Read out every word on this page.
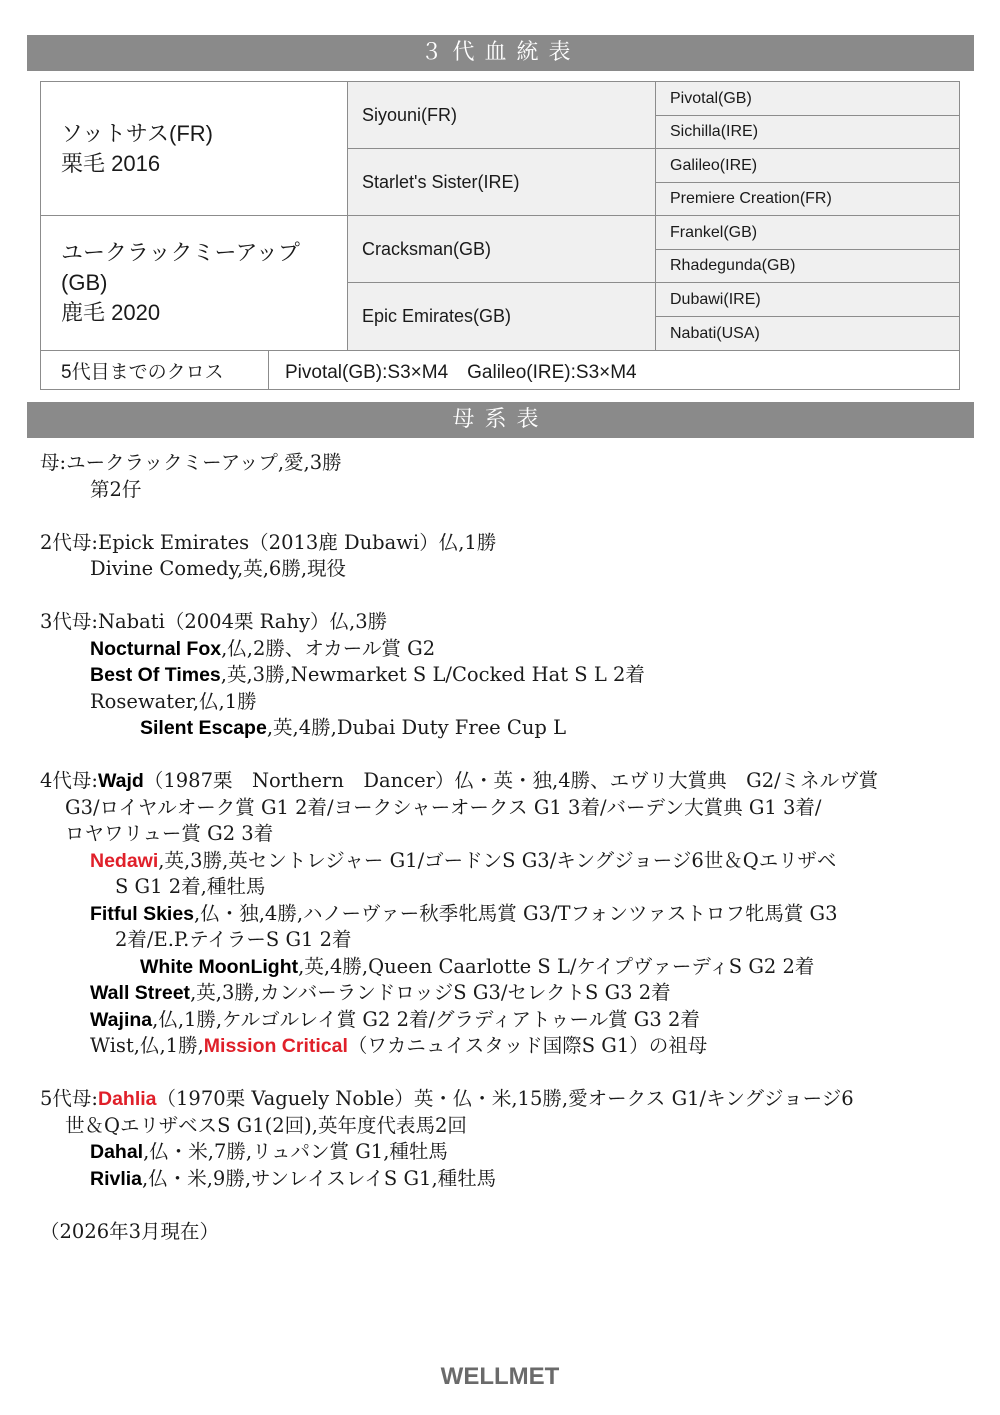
３代血統表
ソットサス(FR)
栗毛 2016
ユークラックミーアップ
(GB)
鹿毛 2020
Siyouni(FR)
Starlet's Sister(IRE)
Cracksman(GB)
Epic Emirates(GB)
Pivotal(GB)
Sichilla(IRE)
Galileo(IRE)
Premiere Creation(FR)
Frankel(GB)
Rhadegunda(GB)
Dubawi(IRE)
Nabati(USA)
5代目までのクロス	Pivotal(GB):S3×M4　Galileo(IRE):S3×M4
母系表
母:ユークラックミーアップ,愛,3勝
第2仔
2代母:Epick Emirates（2013鹿 Dubawi）仏,1勝
Divine Comedy,英,6勝,現役
3代母:Nabati（2004栗 Rahy）仏,3勝
Nocturnal Fox,仏,2勝、オカール賞 G2
Best Of Times,英,3勝,Newmarket S L/Cocked Hat S L 2着
Rosewater,仏,1勝
Silent Escape,英,4勝,Dubai Duty Free Cup L
4代母:Wajd（1987栗　Northern　Dancer）仏・英・独,4勝、エヴリ大賞典　G2/ミネルヴ賞
G3/ロイヤルオーク賞 G1 2着/ヨークシャーオークス G1 3着/バーデン大賞典 G1 3着/
ロヤワリュー賞 G2 3着
Nedawi,英,3勝,英セントレジャー G1/ゴードンS G3/キングジョージ6世＆Qエリザベ
S G1 2着,種牡馬
Fitful Skies,仏・独,4勝,ハノーヴァー秋季牝馬賞 G3/Tフォンツァストロフ牝馬賞 G3
2着/E.P.テイラーS G1 2着
White MoonLight,英,4勝,Queen Caarlotte S L/ケイプヴァーディS G2 2着
Wall Street,英,3勝,カンバーランドロッジS G3/セレクトS G3 2着
Wajina,仏,1勝,ケルゴルレイ賞 G2 2着/グラディアトゥール賞 G3 2着
Wist,仏,1勝,Mission Critical（ワカニュイスタッド国際S G1）の祖母
5代母:Dahlia（1970栗 Vaguely Noble）英・仏・米,15勝,愛オークス G1/キングジョージ6
世＆QエリザベスS G1(2回),英年度代表馬2回
Dahal,仏・米,7勝,リュパン賞 G1,種牡馬
Rivlia,仏・米,9勝,サンレイスレイS G1,種牡馬
（2026年3月現在）
WELLMET
